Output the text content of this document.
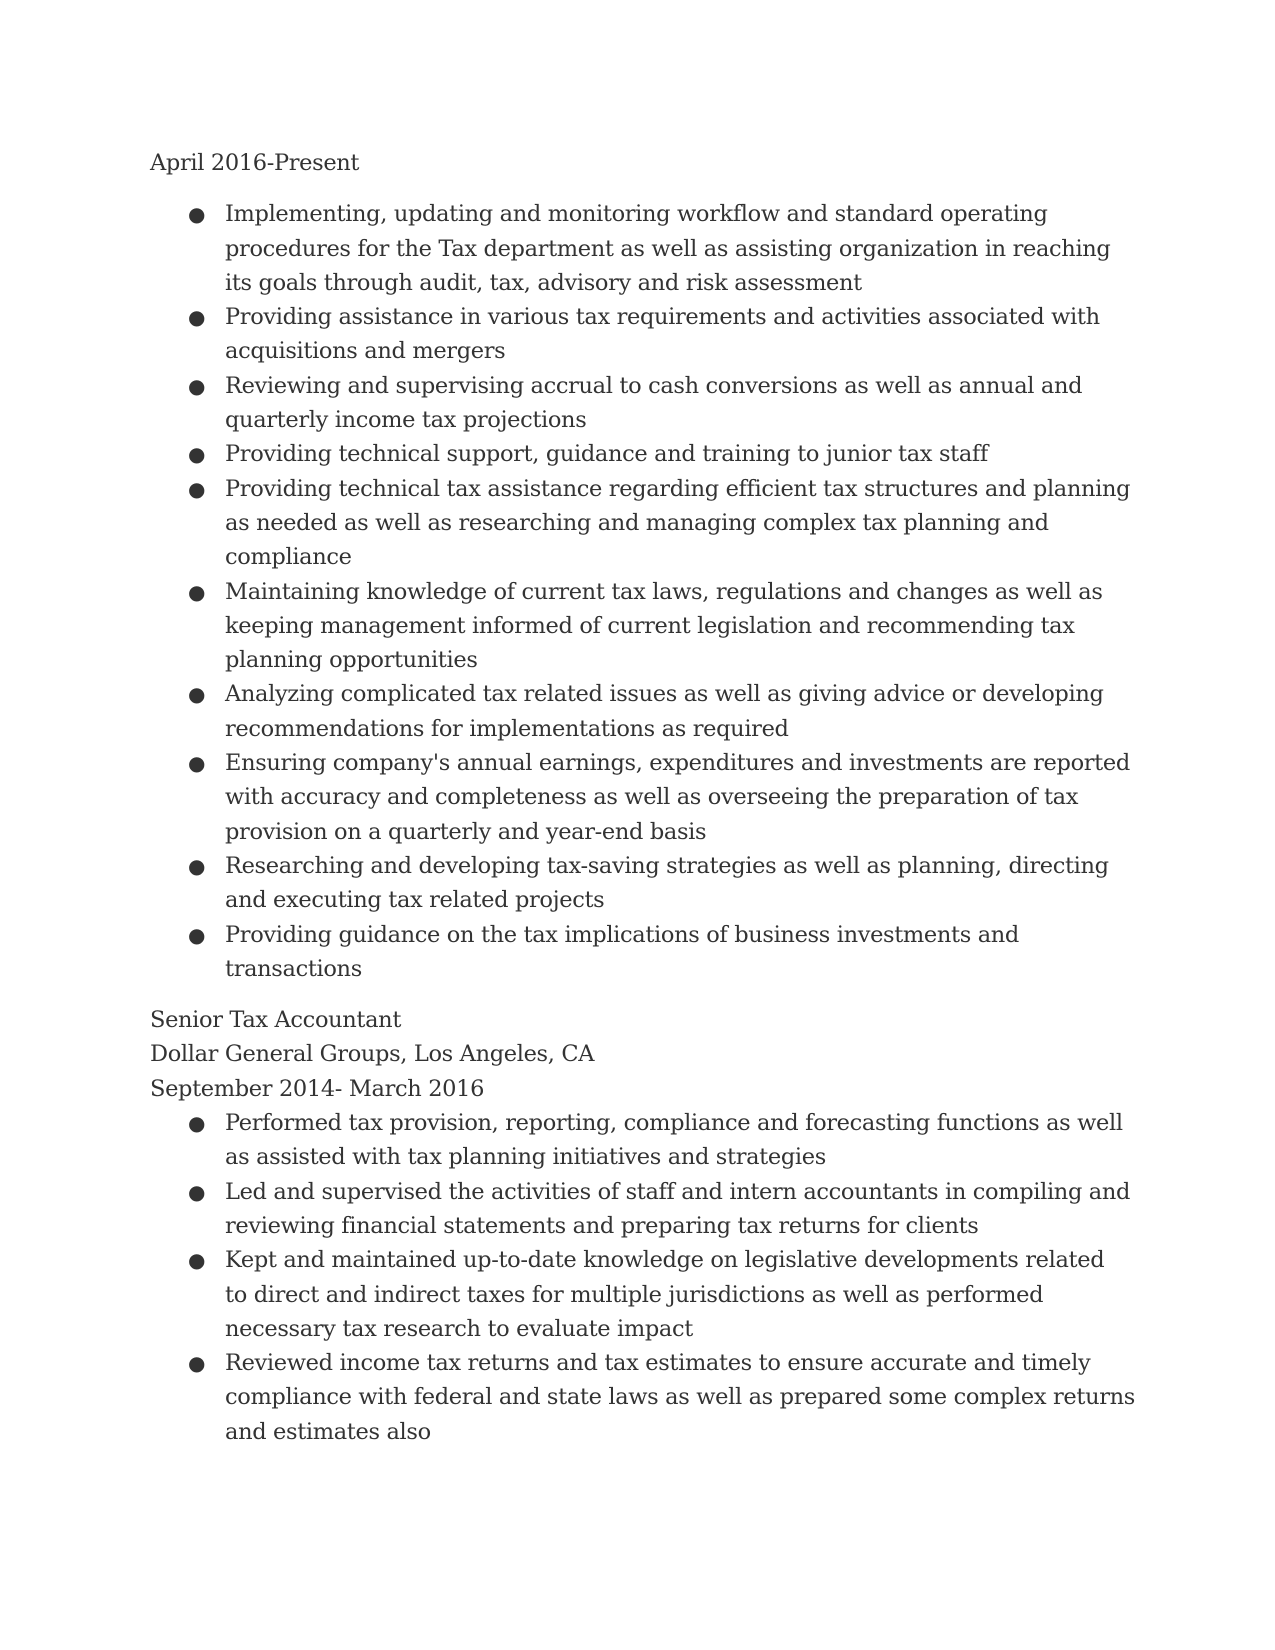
April 2016-Present
● Implementing, updating and monitoring workflow and standard operating
procedures for the Tax department as well as assisting organization in reaching
its goals through audit, tax, advisory and risk assessment
● Providing assistance in various tax requirements and activities associated with
acquisitions and mergers
● Reviewing and supervising accrual to cash conversions as well as annual and
quarterly income tax projections
● Providing technical support, guidance and training to junior tax staff
● Providing technical tax assistance regarding efficient tax structures and planning
as needed as well as researching and managing complex tax planning and
compliance
● Maintaining knowledge of current tax laws, regulations and changes as well as
keeping management informed of current legislation and recommending tax
planning opportunities
● Analyzing complicated tax related issues as well as giving advice or developing
recommendations for implementations as required
● Ensuring company's annual earnings, expenditures and investments are reported
with accuracy and completeness as well as overseeing the preparation of tax
provision on a quarterly and year-end basis
● Researching and developing tax-saving strategies as well as planning, directing
and executing tax related projects
● Providing guidance on the tax implications of business investments and
transactions
Senior Tax Accountant
Dollar General Groups, Los Angeles, CA
September 2014- March 2016
● Performed tax provision, reporting, compliance and forecasting functions as well
as assisted with tax planning initiatives and strategies
● Led and supervised the activities of staff and intern accountants in compiling and
reviewing financial statements and preparing tax returns for clients
● Kept and maintained up-to-date knowledge on legislative developments related
to direct and indirect taxes for multiple jurisdictions as well as performed
necessary tax research to evaluate impact
● Reviewed income tax returns and tax estimates to ensure accurate and timely
compliance with federal and state laws as well as prepared some complex returns
and estimates also
